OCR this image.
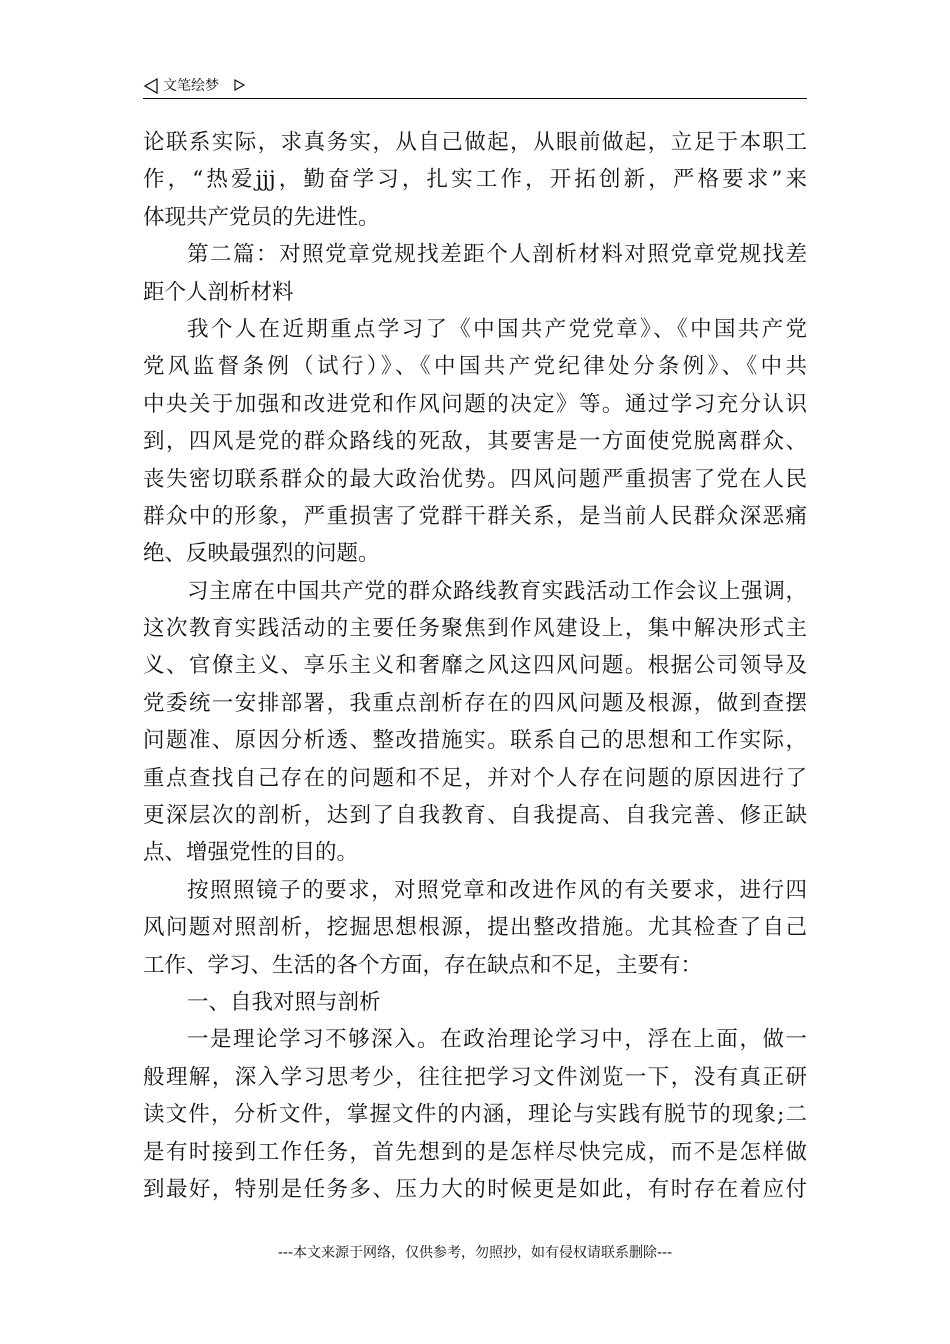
文笔绘梦
论联系实际，求真务实，从自己做起，从眼前做起，立足于本职工
作，“热爱jjj，勤奋学习，扎实工作，开拓创新，严格要求”来
体现共产党员的先进性。
第二篇：对照党章党规找差距个人剖析材料对照党章党规找差
距个人剖析材料
我个人在近期重点学习了《中国共产党党章》、《中国共产党
党风监督条例（试行）》、《中国共产党纪律处分条例》、《中共
中央关于加强和改进党和作风问题的决定》等。通过学习充分认识
到，四风是党的群众路线的死敌，其要害是一方面使党脱离群众、
丧失密切联系群众的最大政治优势。四风问题严重损害了党在人民
群众中的形象，严重损害了党群干群关系，是当前人民群众深恶痛
绝、反映最强烈的问题。
习主席在中国共产党的群众路线教育实践活动工作会议上强调，
这次教育实践活动的主要任务聚焦到作风建设上，集中解决形式主
义、官僚主义、享乐主义和奢靡之风这四风问题。根据公司领导及
党委统一安排部署，我重点剖析存在的四风问题及根源，做到查摆
问题准、原因分析透、整改措施实。联系自己的思想和工作实际，
重点查找自己存在的问题和不足，并对个人存在问题的原因进行了
更深层次的剖析，达到了自我教育、自我提高、自我完善、修正缺
点、增强党性的目的。
按照照镜子的要求，对照党章和改进作风的有关要求，进行四
风问题对照剖析，挖掘思想根源，提出整改措施。尤其检查了自己
工作、学习、生活的各个方面，存在缺点和不足，主要有：
一、自我对照与剖析
一是理论学习不够深入。在政治理论学习中，浮在上面，做一
般理解，深入学习思考少，往往把学习文件浏览一下，没有真正研
读文件，分析文件，掌握文件的内涵，理论与实践有脱节的现象;二
是有时接到工作任务，首先想到的是怎样尽快完成，而不是怎样做
到最好，特别是任务多、压力大的时候更是如此，有时存在着应付
---本文来源于网络，仅供参考，勿照抄，如有侵权请联系删除---
